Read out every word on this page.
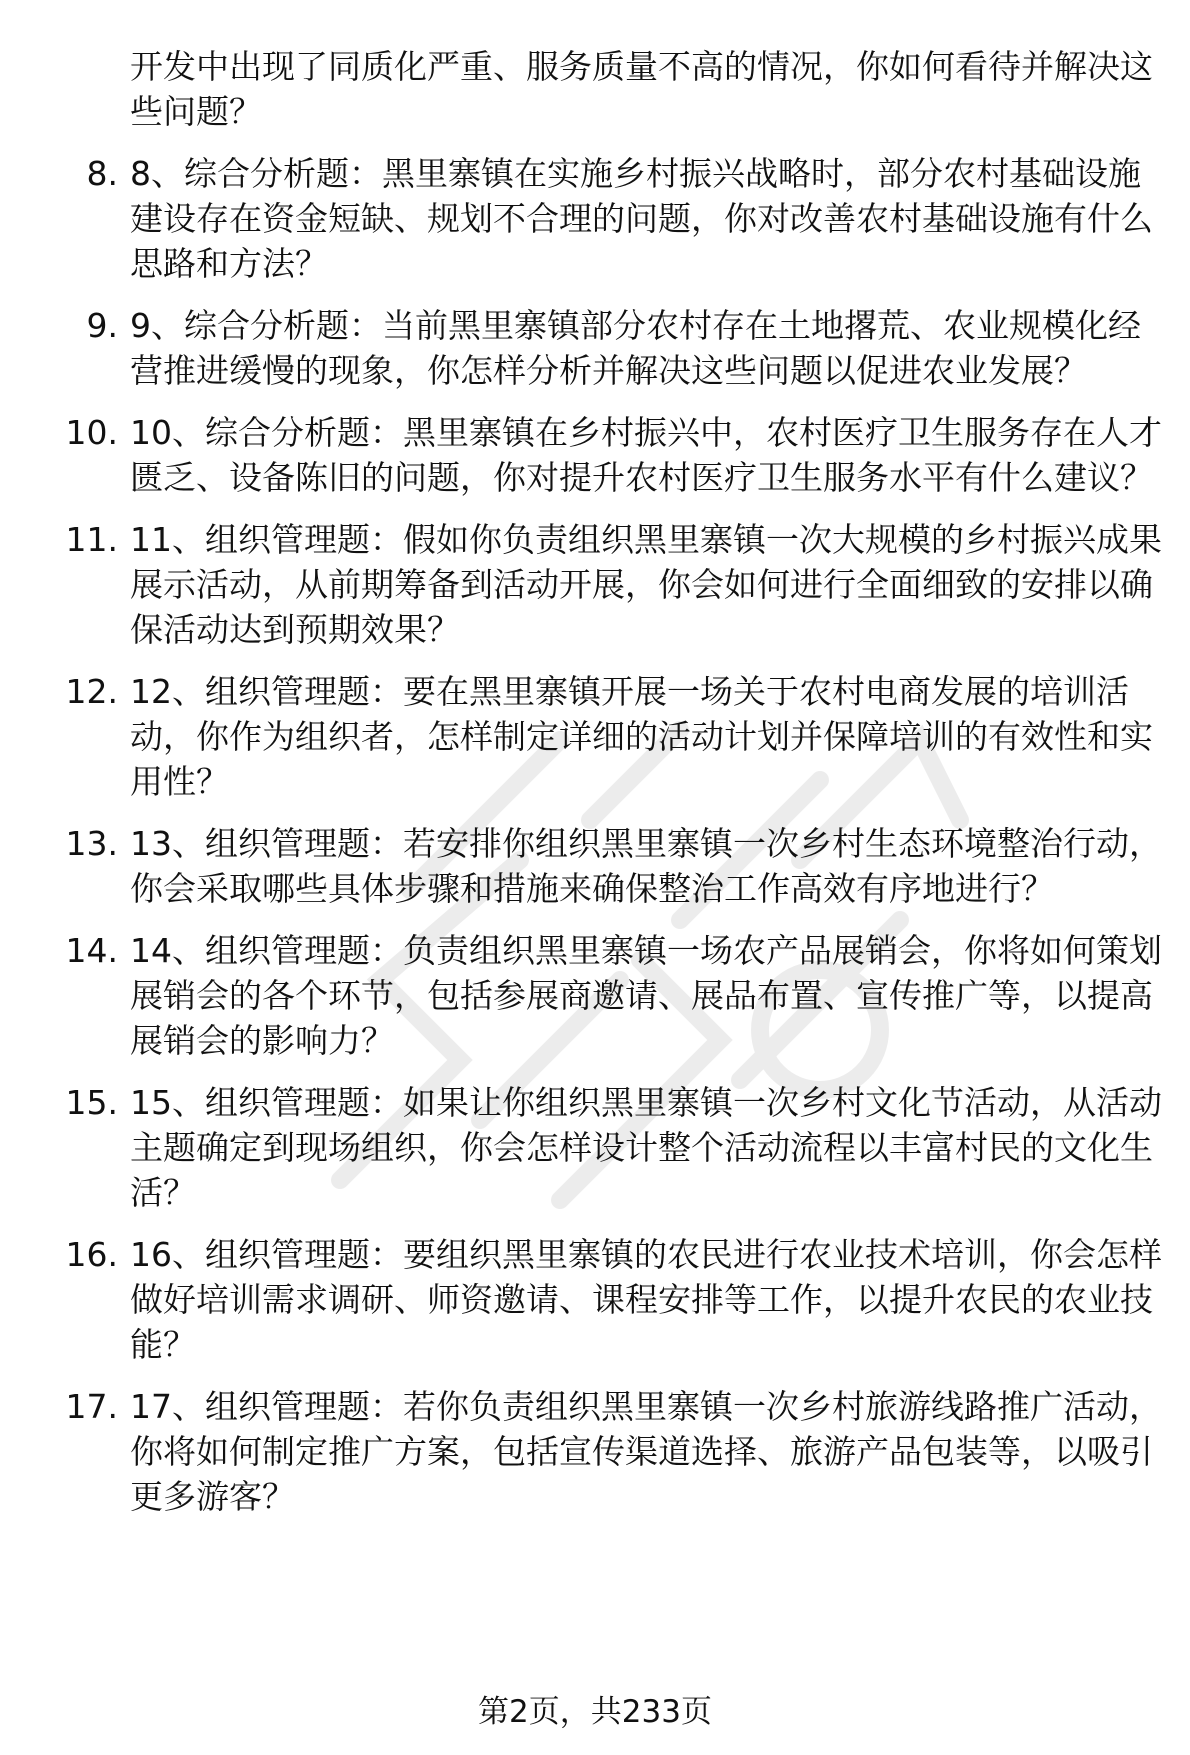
开发中出现了同质化严重、服务质量不高的情况，你如何看待并解决这些问题？
8. 8、综合分析题：黑里寨镇在实施乡村振兴战略时，部分农村基础设施建设存在资金短缺、规划不合理的问题，你对改善农村基础设施有什么思路和方法？
9. 9、综合分析题：当前黑里寨镇部分农村存在土地撂荒、农业规模化经营推进缓慢的现象，你怎样分析并解决这些问题以促进农业发展？
10. 10、综合分析题：黑里寨镇在乡村振兴中，农村医疗卫生服务存在人才匮乏、设备陈旧的问题，你对提升农村医疗卫生服务水平有什么建议？
11. 11、组织管理题：假如你负责组织黑里寨镇一次大规模的乡村振兴成果展示活动，从前期筹备到活动开展，你会如何进行全面细致的安排以确保活动达到预期效果？
12. 12、组织管理题：要在黑里寨镇开展一场关于农村电商发展的培训活动，你作为组织者，怎样制定详细的活动计划并保障培训的有效性和实用性？
13. 13、组织管理题：若安排你组织黑里寨镇一次乡村生态环境整治行动，你会采取哪些具体步骤和措施来确保整治工作高效有序地进行？
14. 14、组织管理题：负责组织黑里寨镇一场农产品展销会，你将如何策划展销会的各个环节，包括参展商邀请、展品布置、宣传推广等，以提高展销会的影响力？
15. 15、组织管理题：如果让你组织黑里寨镇一次乡村文化节活动，从活动主题确定到现场组织，你会怎样设计整个活动流程以丰富村民的文化生活？
16. 16、组织管理题：要组织黑里寨镇的农民进行农业技术培训，你会怎样做好培训需求调研、师资邀请、课程安排等工作，以提升农民的农业技能？
17. 17、组织管理题：若你负责组织黑里寨镇一次乡村旅游线路推广活动，你将如何制定推广方案，包括宣传渠道选择、旅游产品包装等，以吸引更多游客？
第2页，共233页
